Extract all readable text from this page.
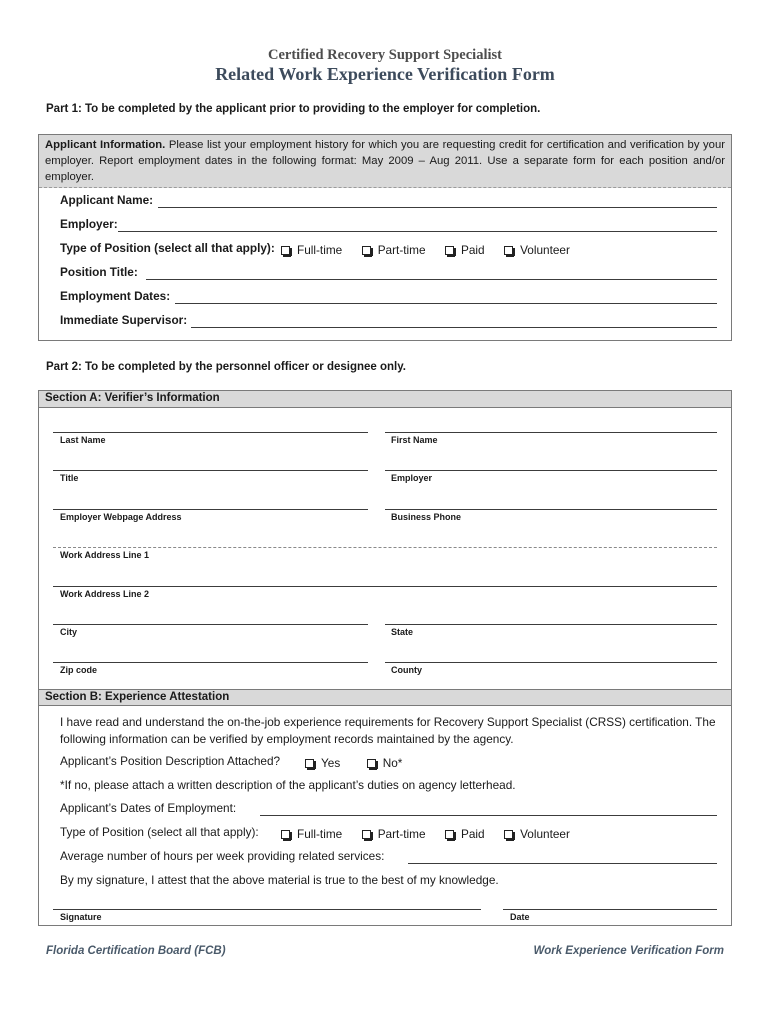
Certified Recovery Support Specialist
Related Work Experience Verification Form
Part 1: To be completed by the applicant prior to providing to the employer for completion.
Applicant Information. Please list your employment history for which you are requesting credit for certification and verification by your employer. Report employment dates in the following format: May 2009 – Aug 2011. Use a separate form for each position and/or employer.
Applicant Name:
Employer:
Type of Position (select all that apply):	Full-time	Part-time	Paid	Volunteer
Position Title:
Employment Dates:
Immediate Supervisor:
Part 2: To be completed by the personnel officer or designee only.
Section A: Verifier’s Information
Last Name	First Name
Title	Employer
Employer Webpage Address	Business Phone
Work Address Line 1
Work Address Line 2
City	State
Zip code	County
Section B: Experience Attestation
I have read and understand the on-the-job experience requirements for Recovery Support Specialist (CRSS) certification. The following information can be verified by employment records maintained by the agency.
Applicant’s Position Description Attached?	Yes	No*
*If no, please attach a written description of the applicant’s duties on agency letterhead.
Applicant’s Dates of Employment:
Type of Position (select all that apply):	Full-time	Part-time	Paid	Volunteer
Average number of hours per week providing related services:
By my signature, I attest that the above material is true to the best of my knowledge.
Signature	Date
Florida Certification Board (FCB)	Work Experience Verification Form
